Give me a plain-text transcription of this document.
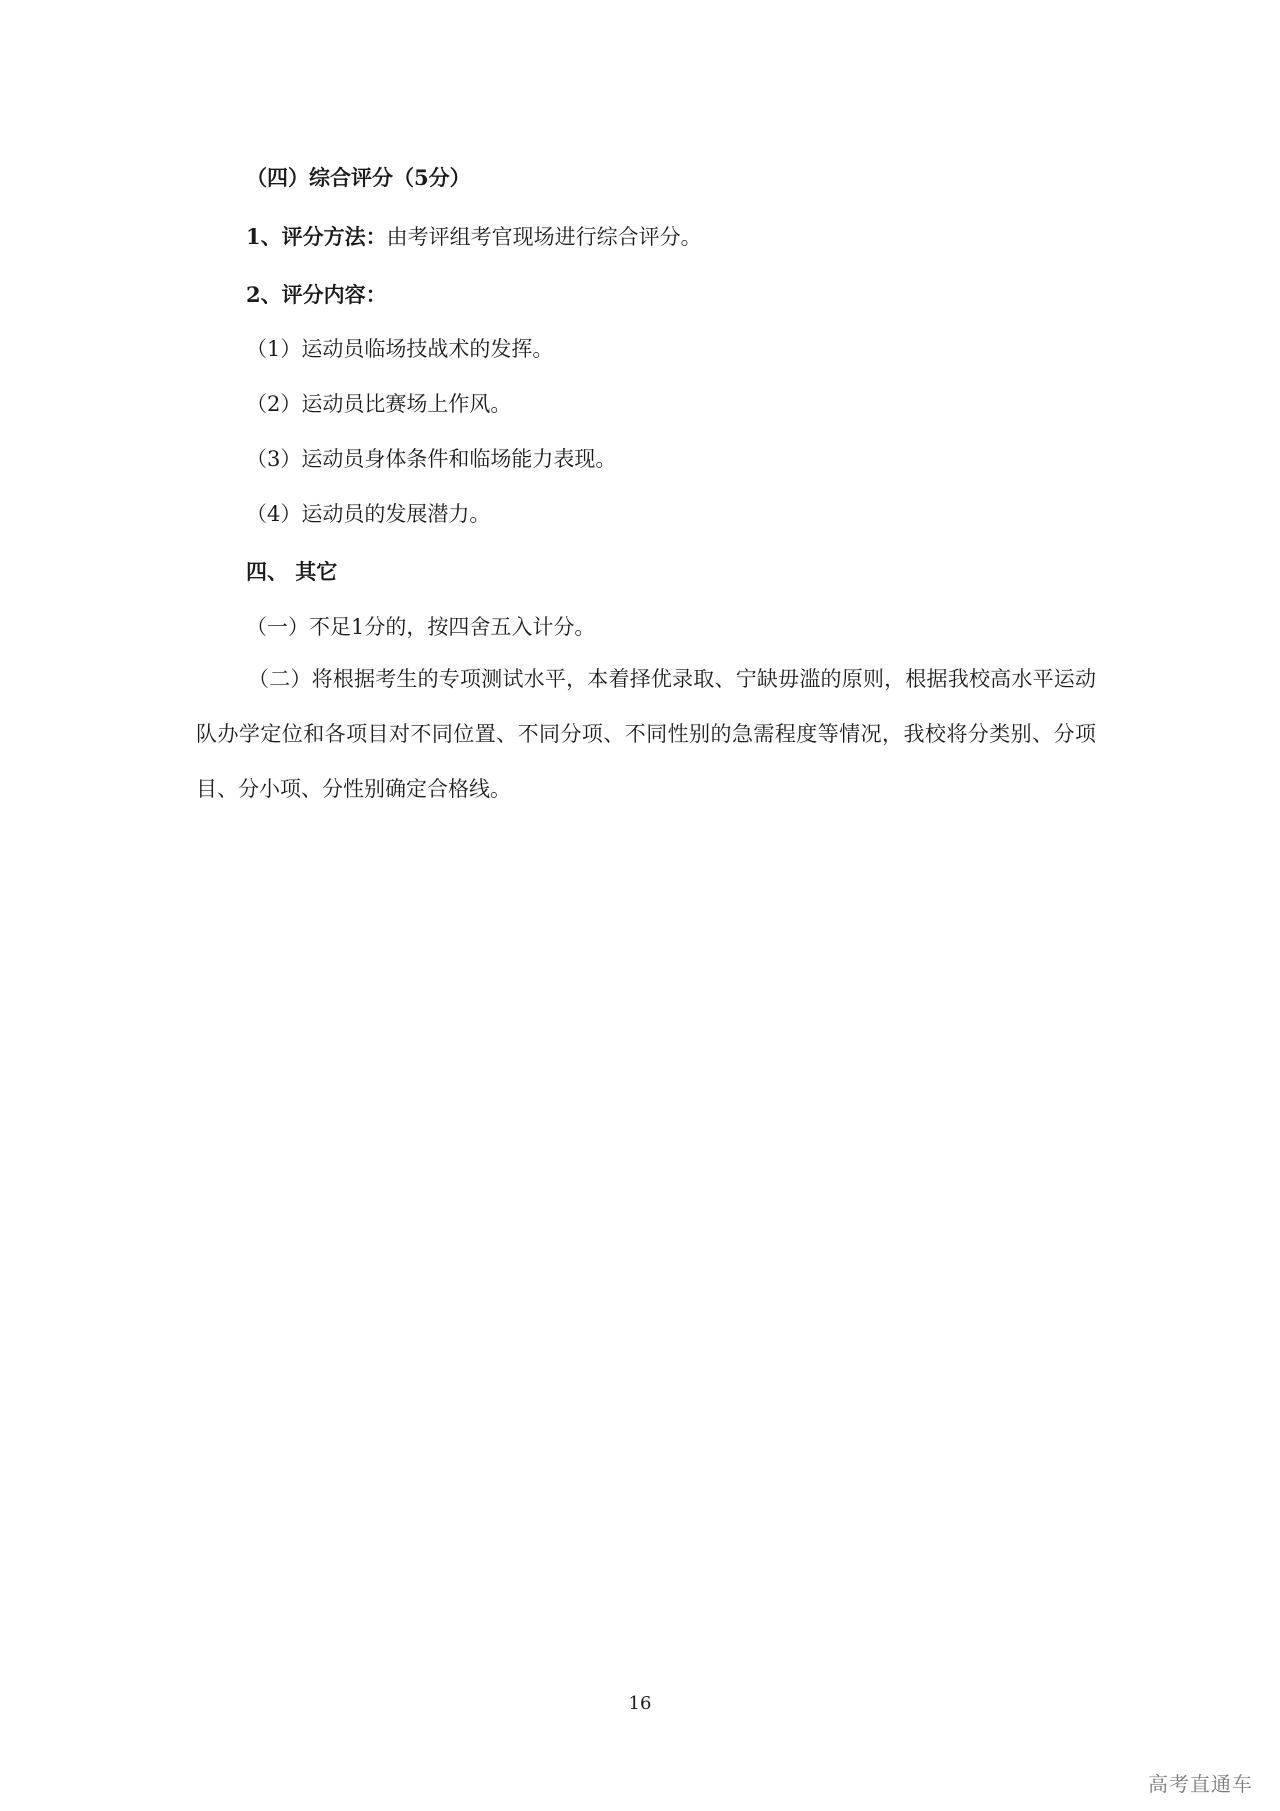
（四）综合评分（5分）
1、评分方法：由考评组考官现场进行综合评分。
2、评分内容：
（1）运动员临场技战术的发挥。
（2）运动员比赛场上作风。
（3）运动员身体条件和临场能力表现。
（4）运动员的发展潜力。
四、 其它
（一）不足1分的，按四舍五入计分。
（二）将根据考生的专项测试水平，本着择优录取、宁缺毋滥的原则，根据我校高水平运动队办学定位和各项目对不同位置、不同分项、不同性别的急需程度等情况，我校将分类别、分项目、分小项、分性别确定合格线。
16
高考直通车
